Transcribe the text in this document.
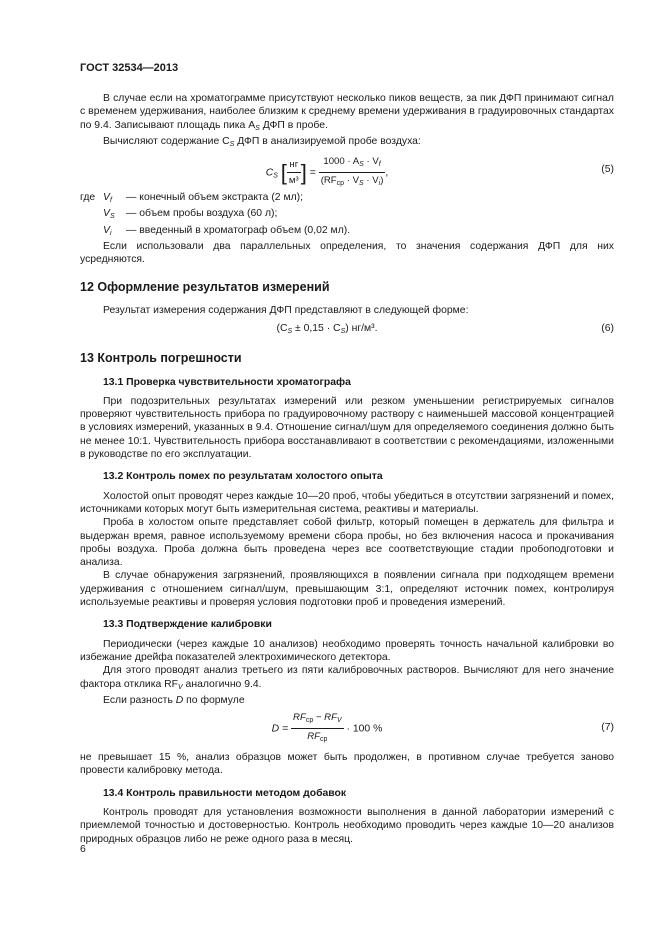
ГОСТ 32534—2013

В случае если на хроматограмме присутствуют несколько пиков веществ, за пик ДФП принимают сигнал с временем удерживания, наиболее близким к среднему времени удерживания в градуировочных стандартах по 9.4. Записывают площадь пика $A_S$ ДФП в пробе.

Вычисляют содержание $C_S$ ДФП в анализируемой пробе воздуха:

$C_S$ [ $\frac{нг}{\text{м³}}$ ] = $\frac{1000 \cdot A_S \cdot V_f}{(RF_{ср} \cdot V_S \cdot V_i)}$ ,	(5)
где $V_f$	— конечный объем экстракта (2 мл);
$V_S$	— объем пробы воздуха (60 л);
$V_i$	— введенный в хроматограф объем (0,02 мл).

Если использовали два параллельных определения, то значения содержания ДФП для них усредняются.

12 Оформление результатов измерений

Результат измерения содержания ДФП представляют в следующей форме:

$(C_S \pm 0,15 \cdot C_S)$ нг/м³.	(6)
13 Контроль погрешности
13.1 Проверка чувствительности хроматографа

При подозрительных результатах измерений или резком уменьшении регистрируемых сигналов проверяют чувствительность прибора по градуировочному раствору с наименьшей массовой концентрацией в условиях измерений, указанных в 9.4. Отношение сигнал/шум для определяемого соединения должно быть не менее 10:1. Чувствительность прибора восстанавливают в соответствии с рекомендациями, изложенными в руководстве по его эксплуатации.

13.2 Контроль помех по результатам холостого опыта

Холостой опыт проводят через каждые 10—20 проб, чтобы убедиться в отсутствии загрязнений и помех, источниками которых могут быть измерительная система, реактивы и материалы.

Проба в холостом опыте представляет собой фильтр, который помещен в держатель для фильтра и выдержан время, равное используемому времени сбора пробы, но без включения насоса и прокачивания пробы воздуха. Проба должна быть проведена через все соответствующие стадии пробоподготовки и анализа.

В случае обнаружения загрязнений, проявляющихся в появлении сигнала при подходящем времени удерживания с отношением сигнал/шум, превышающим 3:1, определяют источник помех, контролируя используемые реактивы и проверяя условия подготовки проб и проведения измерений.

13.3 Подтверждение калибровки

Периодически (через каждые 10 анализов) необходимо проверять точность начальной калибровки во избежание дрейфа показателей электрохимического детектора.

Для этого проводят анализ третьего из пяти калибровочных растворов. Вычисляют для него значение фактора отклика $RF_V$ аналогично 9.4.

Если разность D по формуле

$D = \frac{RF_{ср} - RF_V}{RF_{ср}} \cdot 100$ %	(7)

не превышает 15 %, анализ образцов может быть продолжен, в противном случае требуется заново провести калибровку метода.

13.4 Контроль правильности методом добавок

Контроль проводят для установления возможности выполнения в данной лаборатории измерений с приемлемой точностью и достоверностью. Контроль необходимо проводить через каждые 10—20 анализов природных образцов либо не реже одного раза в месяц.

6
